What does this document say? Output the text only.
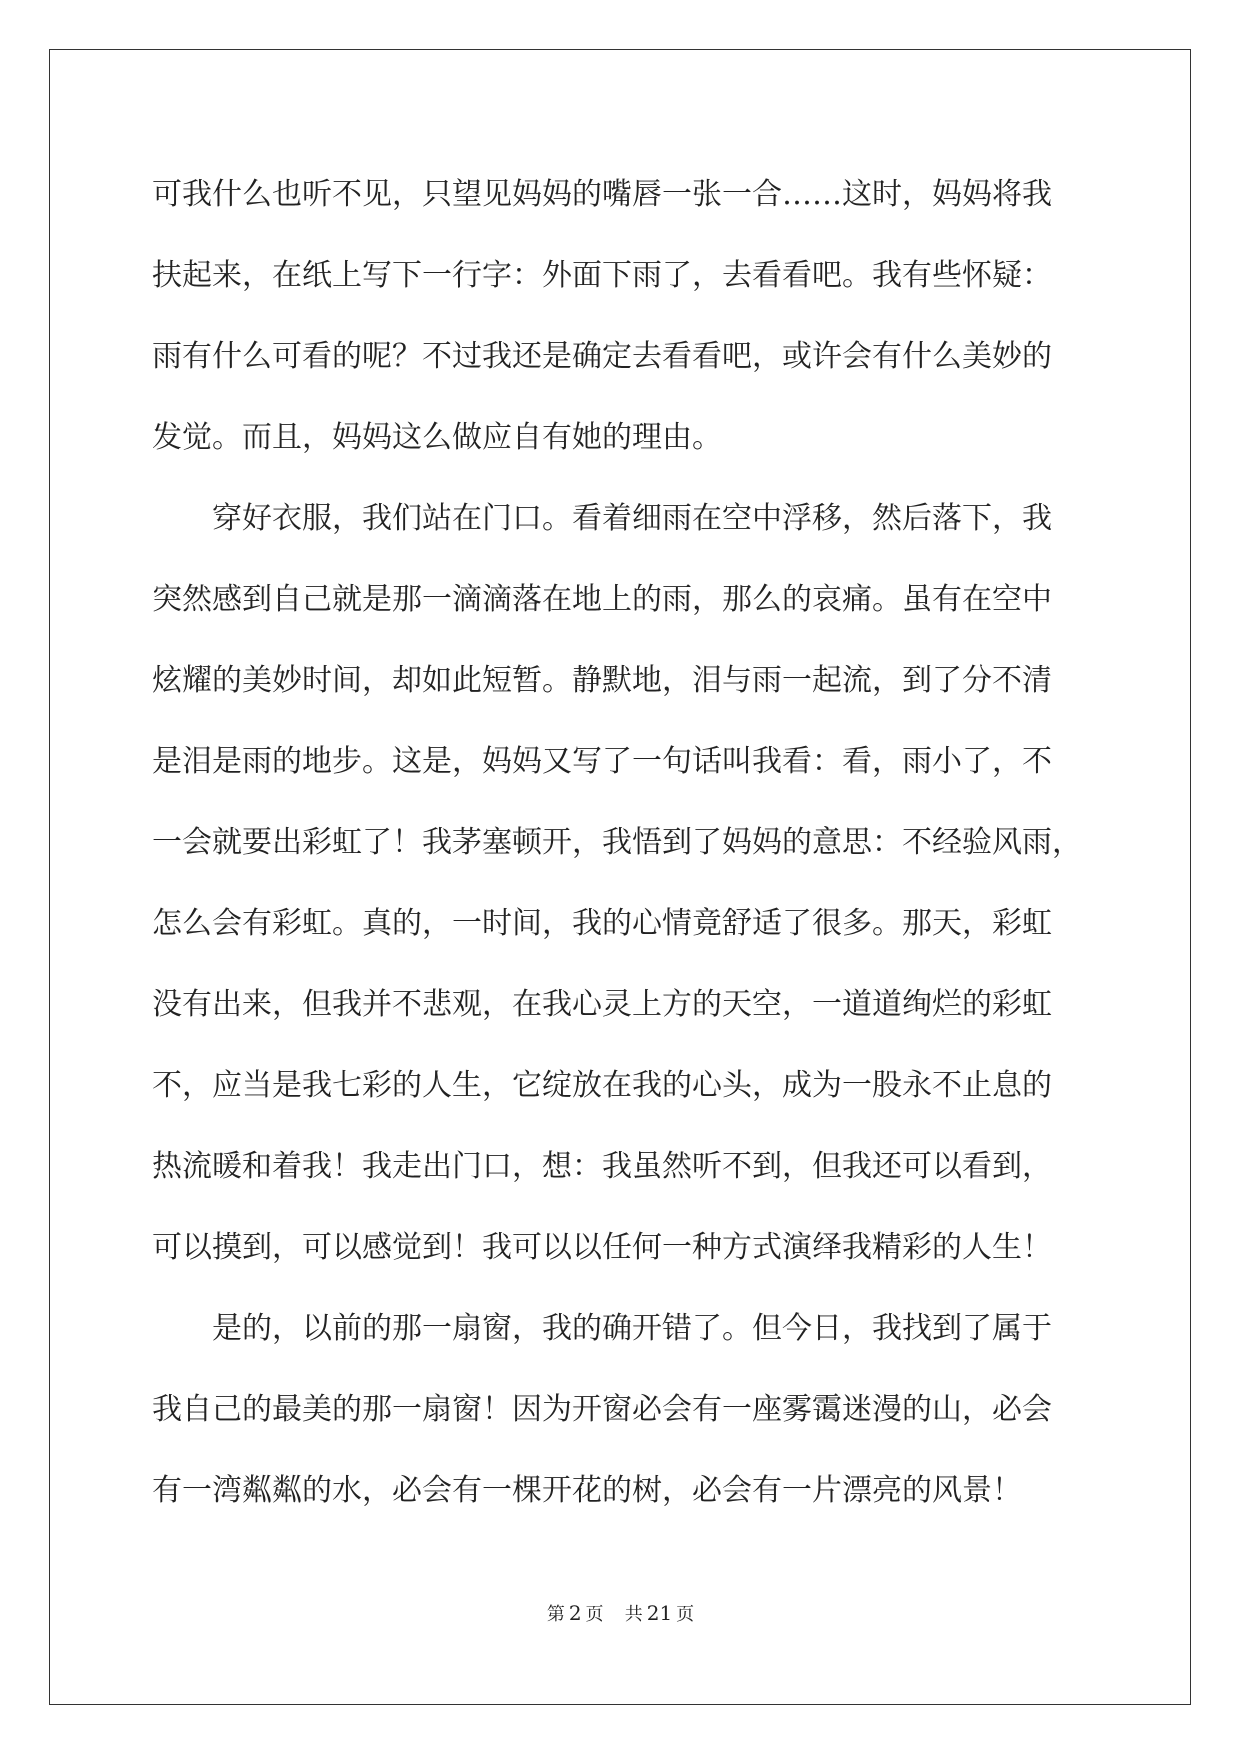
可我什么也听不见，只望见妈妈的嘴唇一张一合……这时，妈妈将我
扶起来，在纸上写下一行字：外面下雨了，去看看吧。我有些怀疑：
雨有什么可看的呢？不过我还是确定去看看吧，或许会有什么美妙的
发觉。而且，妈妈这么做应自有她的理由。

穿好衣服，我们站在门口。看着细雨在空中浮移，然后落下，我
突然感到自己就是那一滴滴落在地上的雨，那么的哀痛。虽有在空中
炫耀的美妙时间，却如此短暂。静默地，泪与雨一起流，到了分不清
是泪是雨的地步。这是，妈妈又写了一句话叫我看：看，雨小了，不
一会就要出彩虹了！我茅塞顿开，我悟到了妈妈的意思：不经验风雨，
怎么会有彩虹。真的，一时间，我的心情竟舒适了很多。那天，彩虹
没有出来，但我并不悲观，在我心灵上方的天空，一道道绚烂的彩虹
不，应当是我七彩的人生，它绽放在我的心头，成为一股永不止息的
热流暖和着我！我走出门口，想：我虽然听不到，但我还可以看到，
可以摸到，可以感觉到！我可以以任何一种方式演绎我精彩的人生！

是的，以前的那一扇窗，我的确开错了。但今日，我找到了属于
我自己的最美的那一扇窗！因为开窗必会有一座雾霭迷漫的山，必会
有一湾粼粼的水，必会有一棵开花的树，必会有一片漂亮的风景！

第 2 页 共 21 页
